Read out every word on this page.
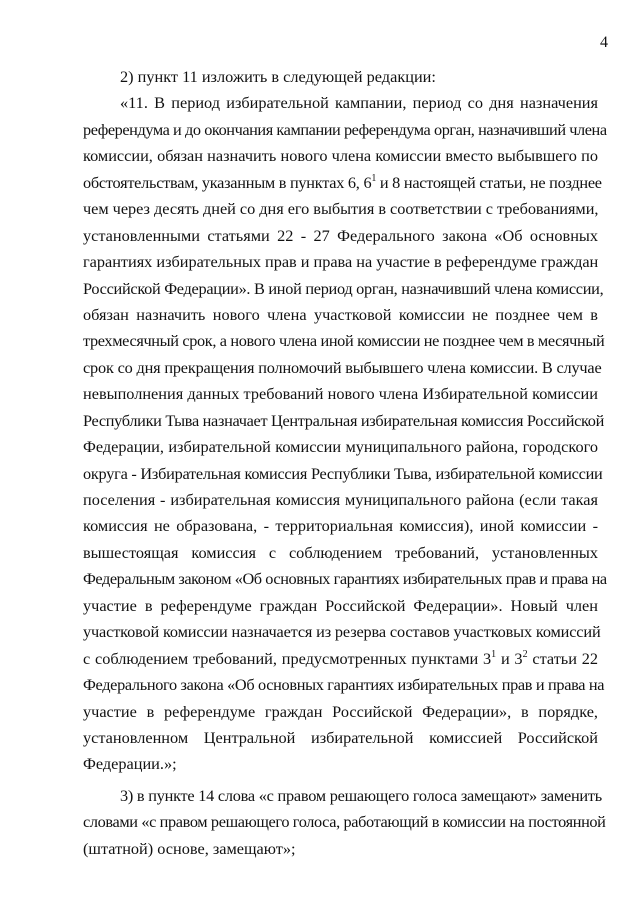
4
2) пункт 11 изложить в следующей редакции:
«11. В период избирательной кампании, период со дня назначения
референдума и до окончания кампании референдума орган, назначивший члена
комиссии, обязан назначить нового члена комиссии вместо выбывшего по
обстоятельствам, указанным в пунктах 6, $6^1$ и 8 настоящей статьи, не позднее
чем через десять дней со дня его выбытия в соответствии с требованиями,
установленными статьями 22 - 27 Федерального закона «Об основных
гарантиях избирательных прав и права на участие в референдуме граждан
Российской Федерации». В иной период орган, назначивший члена комиссии,
обязан назначить нового члена участковой комиссии не позднее чем в
трехмесячный срок, а нового члена иной комиссии не позднее чем в месячный
срок со дня прекращения полномочий выбывшего члена комиссии. В случае
невыполнения данных требований нового члена Избирательной комиссии
Республики Тыва назначает Центральная избирательная комиссия Российской
Федерации, избирательной комиссии муниципального района, городского
округа - Избирательная комиссия Республики Тыва, избирательной комиссии
поселения - избирательная комиссия муниципального района (если такая
комиссия не образована, - территориальная комиссия), иной комиссии -
вышестоящая комиссия с соблюдением требований, установленных
Федеральным законом «Об основных гарантиях избирательных прав и права на
участие в референдуме граждан Российской Федерации». Новый член
участковой комиссии назначается из резерва составов участковых комиссий
с соблюдением требований, предусмотренных пунктами $3^1$ и $3^2$ статьи 22
Федерального закона «Об основных гарантиях избирательных прав и права на
участие в референдуме граждан Российской Федерации», в порядке,
установленном Центральной избирательной комиссией Российской
Федерации.»;
3) в пункте 14 слова «с правом решающего голоса замещают» заменить
словами «с правом решающего голоса, работающий в комиссии на постоянной
(штатной) основе, замещают»;
